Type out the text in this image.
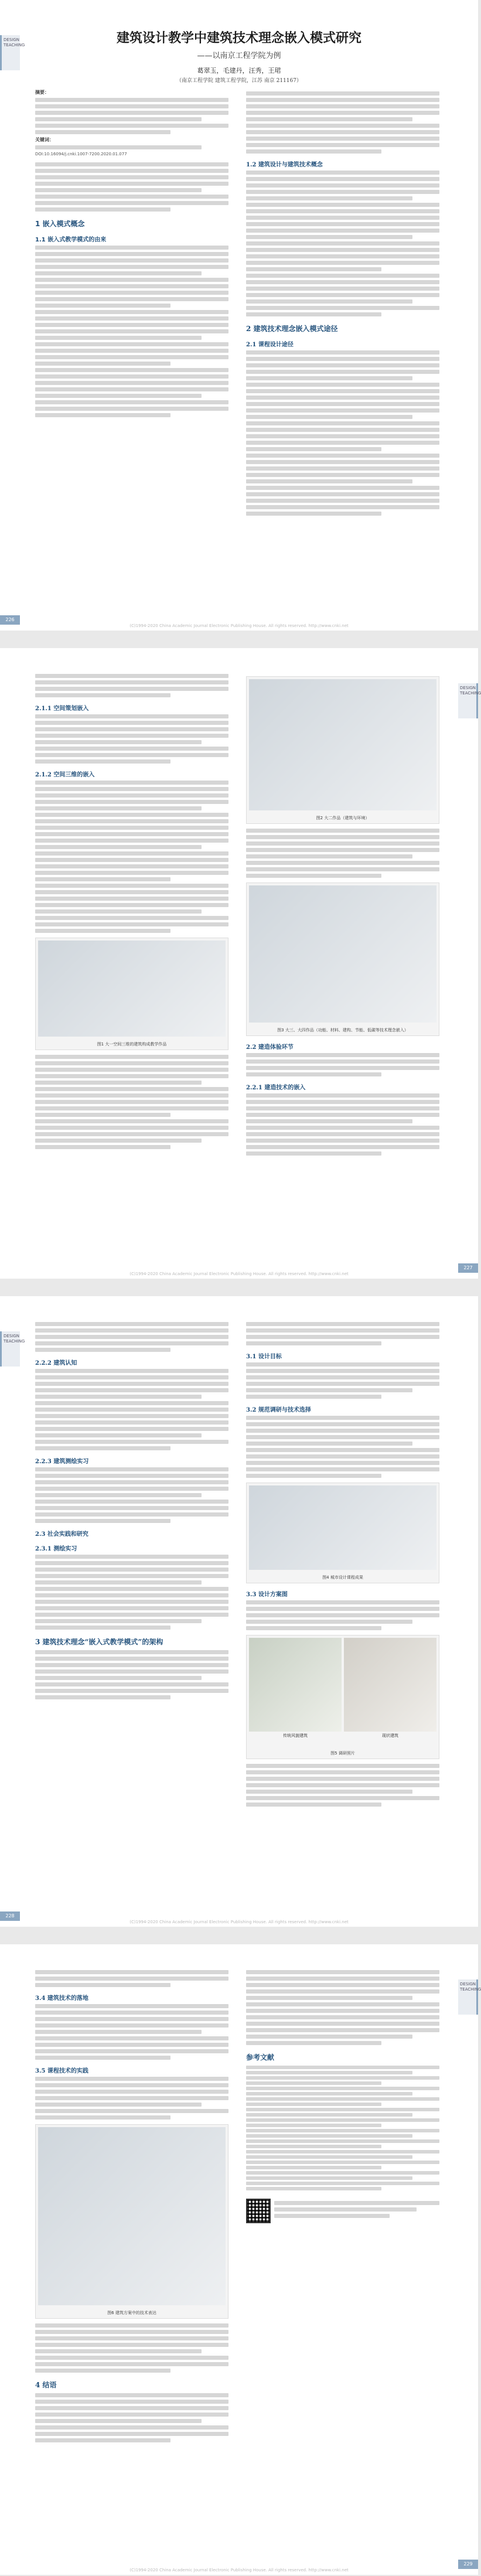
DESIGN TEACHING	建筑设计教学中建筑技术理念嵌入模式研究
——以南京工程学院为例
葛翠玉，毛建丹，汪秀，王珺
（南京工程学院 建筑工程学院，江苏 南京 211167）
摘要：
关键词：
DOI:10.16094/j.cnki.1007-7200.2020.01.077
1 嵌入模式概念
1.1 嵌入式教学模式的由来
1.2 建筑设计与建筑技术概念
2 建筑技术理念嵌入模式途径
2.1 课程设计途径
226
(C)1994-2020 China Academic Journal Electronic Publishing House. All rights reserved. http://www.cnki.net
DESIGN TEACHING
2.1.1 空间策划嵌入
2.1.2 空间三维的嵌入
图1 大一空间三维的建筑构成教学作品
图2 大二作品（建筑与环境）
图3 大三、大四作品（功能、材料、建构、节能、低碳等技术理念嵌入）
2.2 建造体验环节
2.2.1 建造技术的嵌入
227
(C)1994-2020 China Academic Journal Electronic Publishing House. All rights reserved. http://www.cnki.net
DESIGN TEACHING
2.2.2 建筑认知
2.2.3 建筑测绘实习
2.3 社会实践和研究
2.3.1 测绘实习
3 建筑技术理念“嵌入式教学模式”的架构
3.1 设计目标
3.2 规范调研与技术选择
图4 城市设计课程成果
3.3 设计方案图
传统风貌建筑	现状建筑
图5 调研照片
228
(C)1994-2020 China Academic Journal Electronic Publishing House. All rights reserved. http://www.cnki.net
DESIGN TEACHING
3.4 建筑技术的落地
3.5 课程技术的实践
图6 建筑方案中的技术表达
4 结语
参考文献
229
(C)1994-2020 China Academic Journal Electronic Publishing House. All rights reserved. http://www.cnki.net
